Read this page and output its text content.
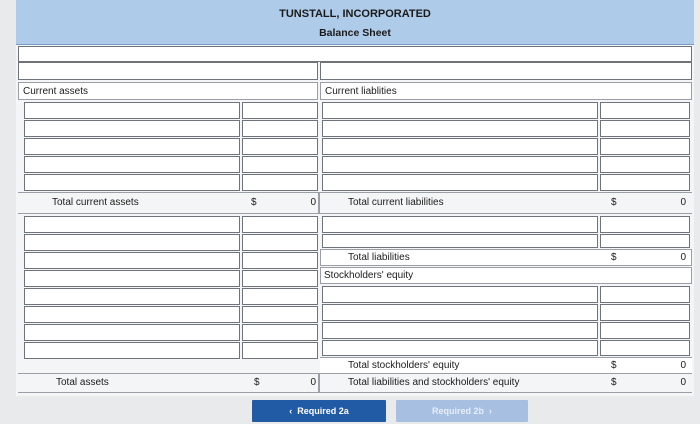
TUNSTALL, INCORPORATED
Balance Sheet
Current assets	Current liablities
Total current assets	$	0	Total current liabilities	$	0
Total liabilities	$	0
Stockholders' equity
Total stockholders' equity	$	0
Total assets	$	0	Total liabilities and stockholders' equity	$	0
‹ Required 2a	Required 2b ›
